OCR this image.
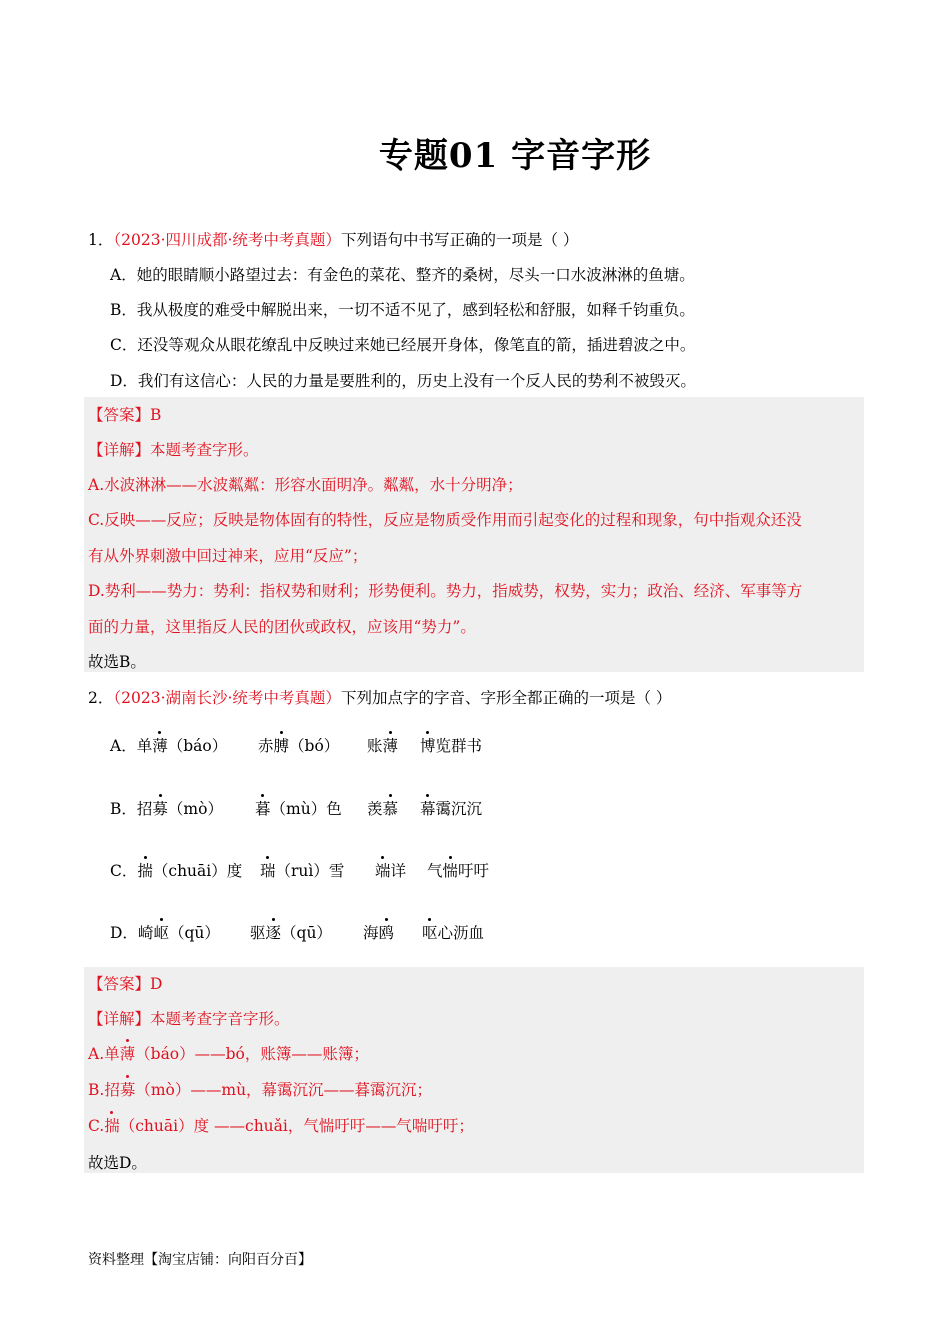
专题01 字音字形
1．（2023·四川成都·统考中考真题）下列语句中书写正确的一项是（ ）
A．她的眼睛顺小路望过去：有金色的菜花、整齐的桑树，尽头一口水波淋淋的鱼塘。
B．我从极度的难受中解脱出来，一切不适不见了，感到轻松和舒服，如释千钧重负。
C．还没等观众从眼花缭乱中反映过来她已经展开身体，像笔直的箭，插进碧波之中。
D．我们有这信心：人民的力量是要胜利的，历史上没有一个反人民的势利不被毁灭。
【答案】B
【详解】本题考查字形。
A.水波淋淋——水波粼粼：形容水面明净。粼粼，水十分明净；
C.反映——反应；反映是物体固有的特性，反应是物质受作用而引起变化的过程和现象，句中指观众还没
有从外界刺激中回过神来，应用“反应”；
D.势利——势力：势利：指权势和财利；形势便利。势力，指威势，权势，实力；政治、经济、军事等方
面的力量，这里指反人民的团伙或政权，应该用“势力”。
故选B。
2．（2023·湖南长沙·统考中考真题）下列加点字的字音、字形全都正确的一项是（ ）
A．单薄（báo） 赤膊（bó） 账薄 博览群书
B．招募（mò） 暮（mù）色 羡慕 幕霭沉沉
C．揣（chuāi）度 瑞（ruì）雪 端详 气惴吁吁
D．崎岖（qū） 驱逐（qū） 海鸥 呕心沥血
【答案】D
【详解】本题考查字音字形。
A.单薄（báo）——bó，账簿——账簿；
B.招募（mò）——mù，幕霭沉沉——暮霭沉沉；
C.揣（chuāi）度 ——chuǎi，气惴吁吁——气喘吁吁；
故选D。
资料整理【淘宝店铺：向阳百分百】
